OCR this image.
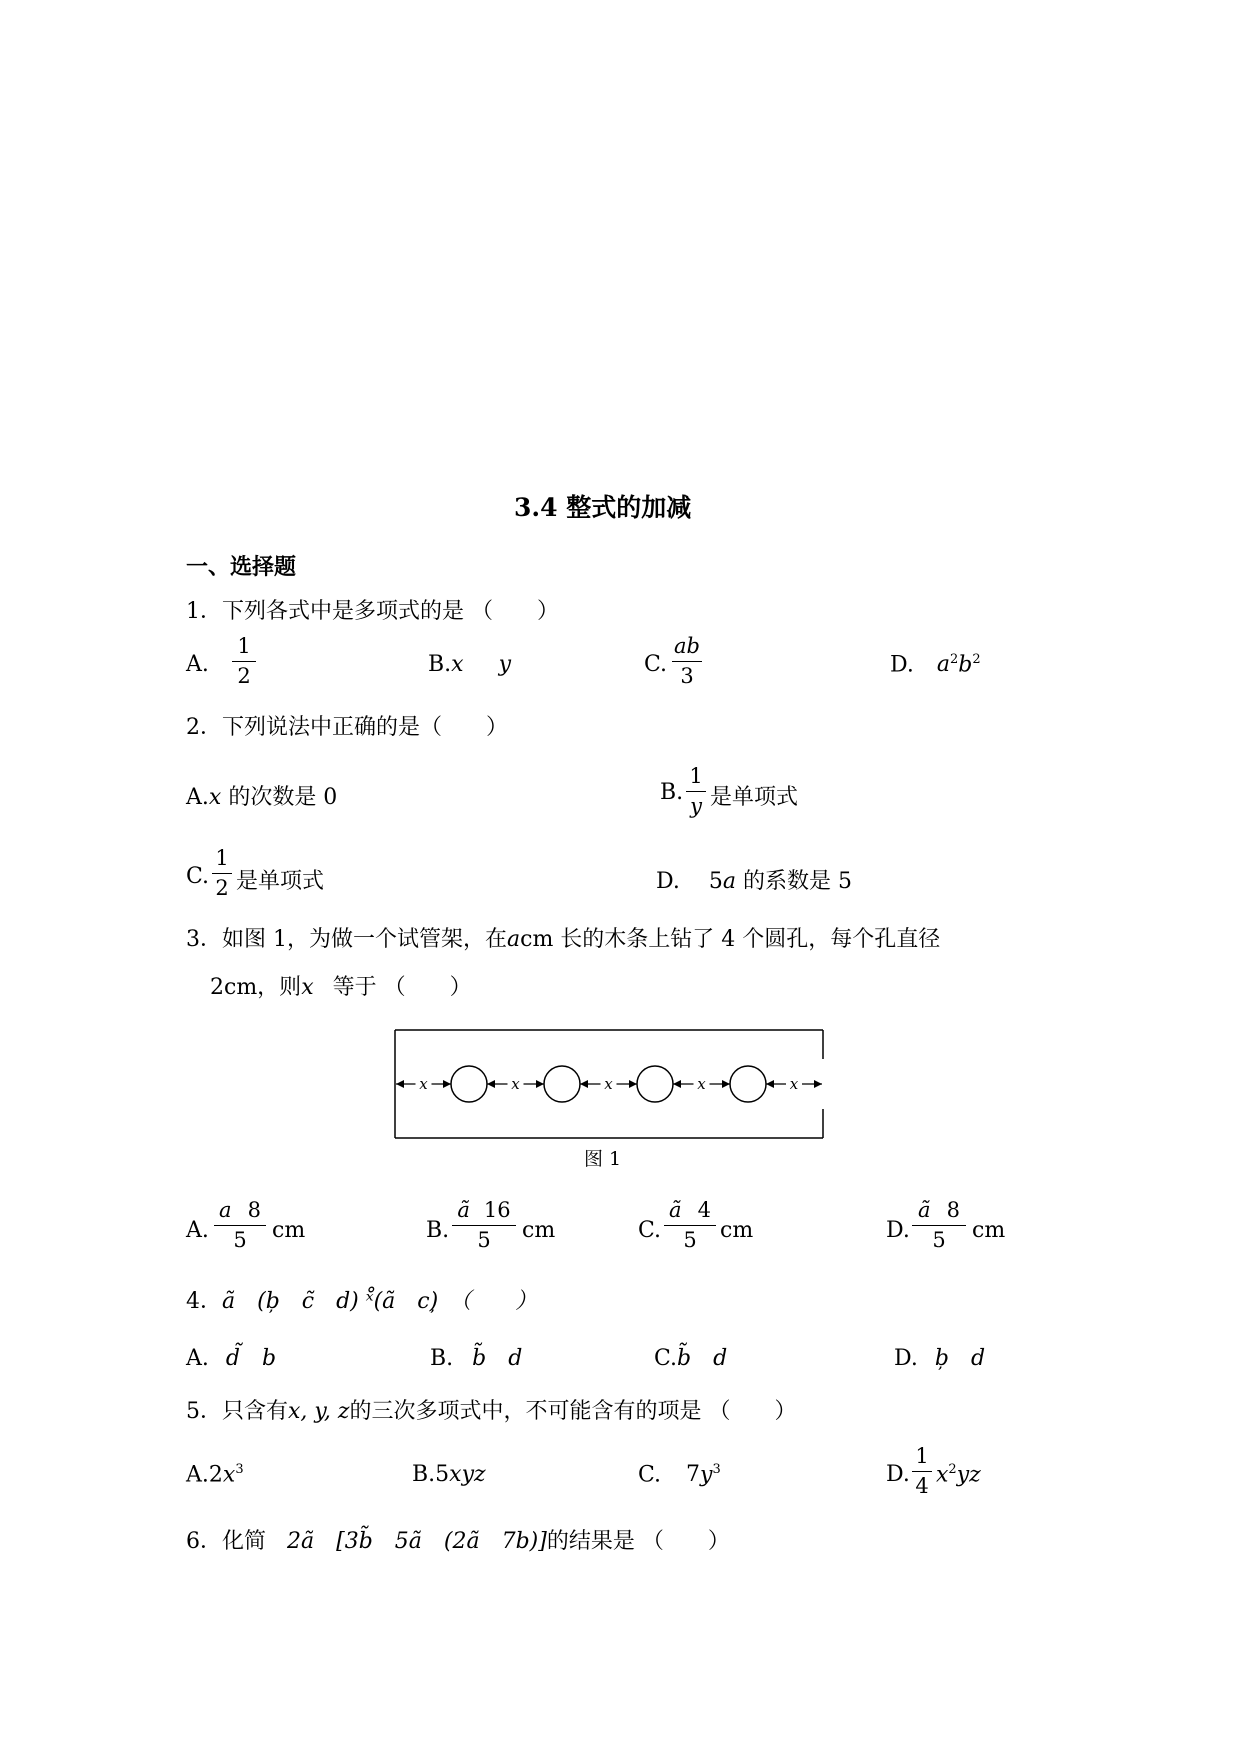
3.4 整式的加减
一、选择题
1．下列各式中是多项式的是 （　　）
A.
1
2	B.x y	C.
ab
3	D. $a^2b^2$
2．下列说法中正确的是（　　）
A.x 的次数是 0	B.
1
y 是单项式
C.
1
2 是单项式	D. 5a 的系数是 5
3．如图 1，为做一个试管架，在acm 长的木条上钻了 4 个圆孔，每个孔直径
2cm，则x 等于 （　　）
x	x	x	x	x
图 1
A.
a 8
5	cm	B.
ã 16
5	cm	C.
ã 4
5	cm	D.
ã 8
5	cm
4．ã　(b̦　c̃　d) ˣ̊(ã　c)̦　（　　）
A. d̃　b	B. b̃　d	C.b̃　d	D. b̦　d
5．只含有x, y, z的三次多项式中，不可能含有的项是 （　　）
$A.2x^3$	B.5xyz	C. $7y^3$	D.
1
4 $x^2yz$
6．化简 2ã　[3b̃　5ã　(2ã　7b)]的结果是 （　　）
